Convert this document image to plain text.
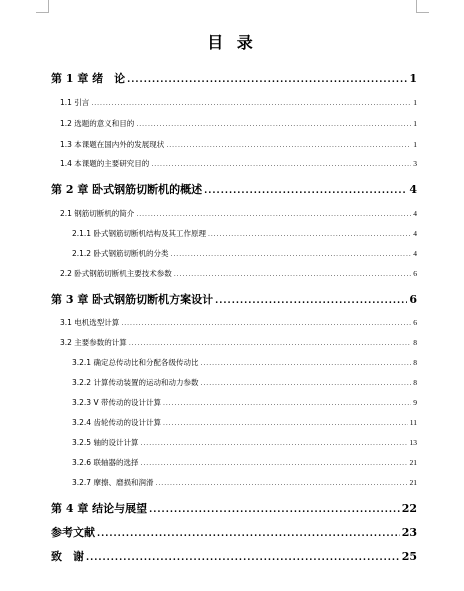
目 录
第 1 章 绪　论 .....	1
1.1 引言 .....	1
1.2 选题的意义和目的 .....	1
1.3 本课题在国内外的发展现状 .....	1
1.4 本课题的主要研究目的 .....	3
第 2 章 卧式钢筋切断机的概述 .....	4
2.1 钢筋切断机的简介 .....	4
2.1.1 卧式钢筋切断机结构及其工作原理 .....	4
2.1.2 卧式钢筋切断机的分类 .....	4
2.2 卧式钢筋切断机主要技术参数 .....	6
第 3 章 卧式钢筋切断机方案设计 .....	6
3.1 电机选型计算 .....	6
3.2 主要参数的计算 .....	8
3.2.1 确定总传动比和分配各级传动比 .....	8
3.2.2 计算传动装置的运动和动力参数 .....	8
3.2.3 V 带传动的设计计算 .....	9
3.2.4 齿轮传动的设计计算 .....	11
3.2.5 轴的设计计算 .....	13
3.2.6 联轴器的选择 .....	21
3.2.7 摩擦、磨损和润滑 .....	21
第 4 章 结论与展望 .....	22
参考文献 .....	23
致　谢 .....	25
